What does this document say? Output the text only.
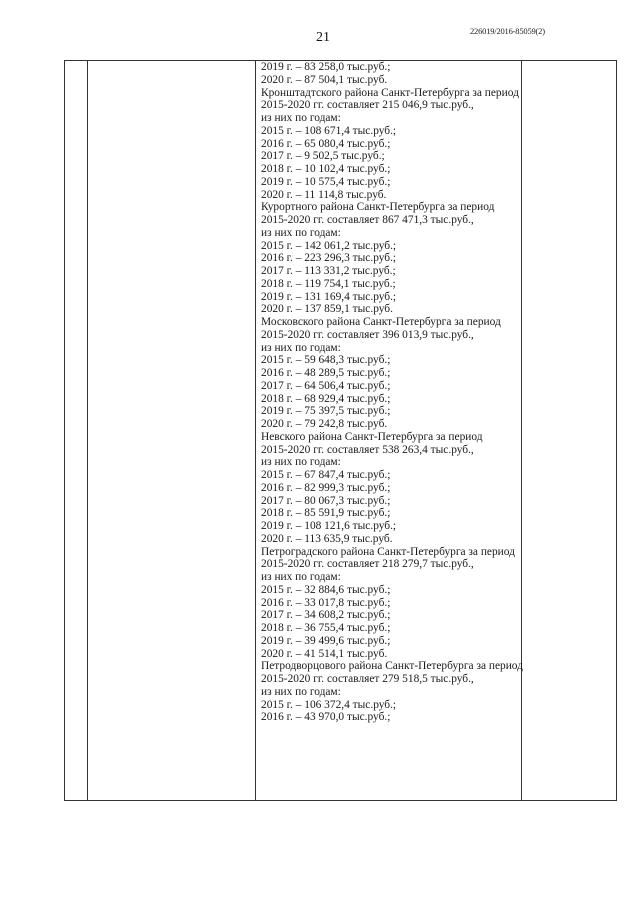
226019/2016-85059(2)
21
2019 г. – 83 258,0 тыс.руб.;
2020 г. – 87 504,1 тыс.руб.
Кронштадтского района Санкт-Петербурга за период
2015-2020 гг. составляет 215 046,9 тыс.руб.,
из них по годам:
2015 г. – 108 671,4 тыс.руб.;
2016 г. – 65 080,4 тыс.руб.;
2017 г. – 9 502,5 тыс.руб.;
2018 г. – 10 102,4 тыс.руб.;
2019 г. – 10 575,4 тыс.руб.;
2020 г. – 11 114,8 тыс.руб.
Курортного района Санкт-Петербурга за период
2015-2020 гг. составляет 867 471,3 тыс.руб.,
из них по годам:
2015 г. – 142 061,2 тыс.руб.;
2016 г. – 223 296,3 тыс.руб.;
2017 г. – 113 331,2 тыс.руб.;
2018 г. – 119 754,1 тыс.руб.;
2019 г. – 131 169,4 тыс.руб.;
2020 г. – 137 859,1 тыс.руб.
Московского района Санкт-Петербурга за период
2015-2020 гг. составляет 396 013,9 тыс.руб.,
из них по годам:
2015 г. – 59 648,3 тыс.руб.;
2016 г. – 48 289,5 тыс.руб.;
2017 г. – 64 506,4 тыс.руб.;
2018 г. – 68 929,4 тыс.руб.;
2019 г. – 75 397,5 тыс.руб.;
2020 г. – 79 242,8 тыс.руб.
Невского района Санкт-Петербурга за период
2015-2020 гг. составляет 538 263,4 тыс.руб.,
из них по годам:
2015 г. – 67 847,4 тыс.руб.;
2016 г. – 82 999,3 тыс.руб.;
2017 г. – 80 067,3 тыс.руб.;
2018 г. – 85 591,9 тыс.руб.;
2019 г. – 108 121,6 тыс.руб.;
2020 г. – 113 635,9 тыс.руб.
Петроградского района Санкт-Петербурга за период
2015-2020 гг. составляет 218 279,7 тыс.руб.,
из них по годам:
2015 г. – 32 884,6 тыс.руб.;
2016 г. – 33 017,8 тыс.руб.;
2017 г. – 34 608,2 тыс.руб.;
2018 г. – 36 755,4 тыс.руб.;
2019 г. – 39 499,6 тыс.руб.;
2020 г. – 41 514,1 тыс.руб.
Петродворцового района Санкт-Петербурга за период
2015-2020 гг. составляет 279 518,5 тыс.руб.,
из них по годам:
2015 г. – 106 372,4 тыс.руб.;
2016 г. – 43 970,0 тыс.руб.;
